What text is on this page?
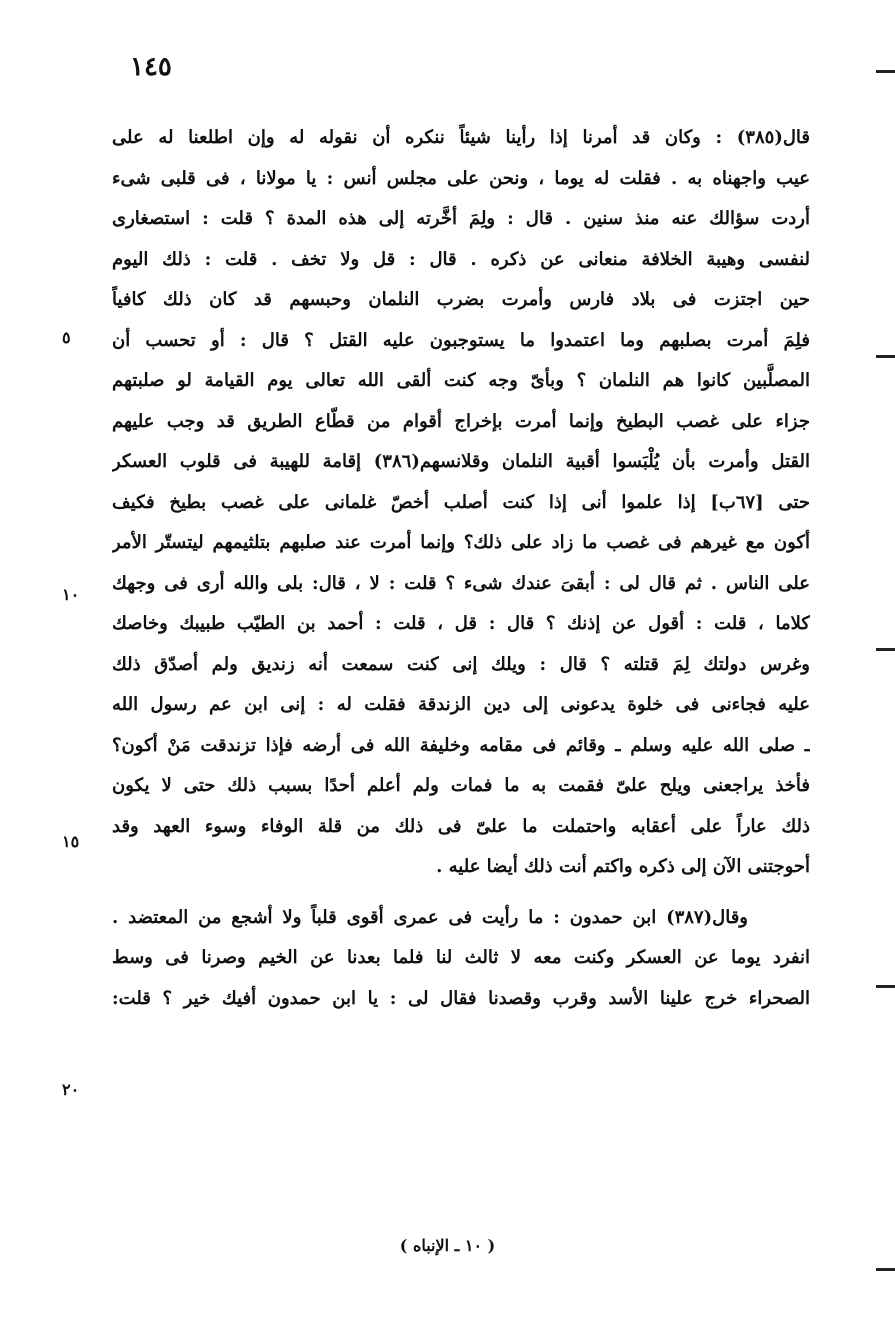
١٤٥
قال(٣٨٥) : وكان قد أمرنا إذا رأينا شيئاً ننكره أن نقوله له وإن اطلعنا له على
عيب واجهناه به . فقلت له يوما ، ونحن على مجلس أنس : يا مولانا ، فى قلبى شىء
أردت سؤالك عنه منذ سنين . قال : ولِمَ أخَّرته إلى هذه المدة ؟ قلت : استصغارى
لنفسى وهيبة الخلافة منعانى عن ذكره . قال : قل ولا تخف . قلت : ذلك اليوم
حين اجتزت فى بلاد فارس وأمرت بضرب النلمان وحبسهم قد كان ذلك كافياً
فلِمَ أمرت بصلبهم وما اعتمدوا ما يستوجبون عليه القتل ؟ قال : أو تحسب أن
المصلَّبين كانوا هم النلمان ؟ وبأىّ وجه كنت ألقى الله تعالى يوم القيامة لو صلبتهم
جزاء على غصب البطيخ وإنما أمرت بإخراج أقوام من قطّاع الطريق قد وجب عليهم
القتل وأمرت بأن يُلْبَسوا أقبية النلمان وقلانسهم(٣٨٦) إقامة للهيبة فى قلوب العسكر
حتى [٦٧ب] إذا علموا أنى إذا كنت أصلب أخصّ غلمانى على غصب بطيخ فكيف
أكون مع غيرهم فى غصب ما زاد على ذلك؟ وإنما أمرت عند صلبهم بتلثيمهم ليتستّر الأمر
على الناس . ثم قال لى : أبقىَ عندك شىء ؟ قلت : لا ، قال: بلى والله أرى فى وجهك
كلاما ، قلت : أقول عن إذنك ؟ قال : قل ، قلت : أحمد بن الطيّب طبيبك وخاصك
وغرس دولتك لِمَ قتلته ؟ قال : ويلك إنى كنت سمعت أنه زنديق ولم أصدّق ذلك
عليه فجاءنى فى خلوة يدعونى إلى دين الزندقة فقلت له : إنى ابن عم رسول الله
ـ صلى الله عليه وسلم ـ وقائم فى مقامه وخليفة الله فى أرضه فإذا تزندقت مَنْ أكون؟
فأخذ يراجعنى ويلح علىّ فقمت به ما فمات ولم أعلم أحدًا بسبب ذلك حتى لا يكون
ذلك عاراً على أعقابه واحتملت ما علىّ فى ذلك من قلة الوفاء وسوء العهد وقد
أحوجتنى الآن إلى ذكره واكتم أنت ذلك أيضا عليه .
وقال(٣٨٧) ابن حمدون : ما رأيت فى عمرى أقوى قلباً ولا أشجع من المعتضد .
انفرد يوما عن العسكر وكنت معه لا ثالث لنا فلما بعدنا عن الخيم وصرنا فى وسط
الصحراء خرج علينا الأسد وقرب وقصدنا فقال لى : يا ابن حمدون أفيك خير ؟ قلت:
٥
١٠
١٥
٢٠
( ١٠ ـ الإنباه )
